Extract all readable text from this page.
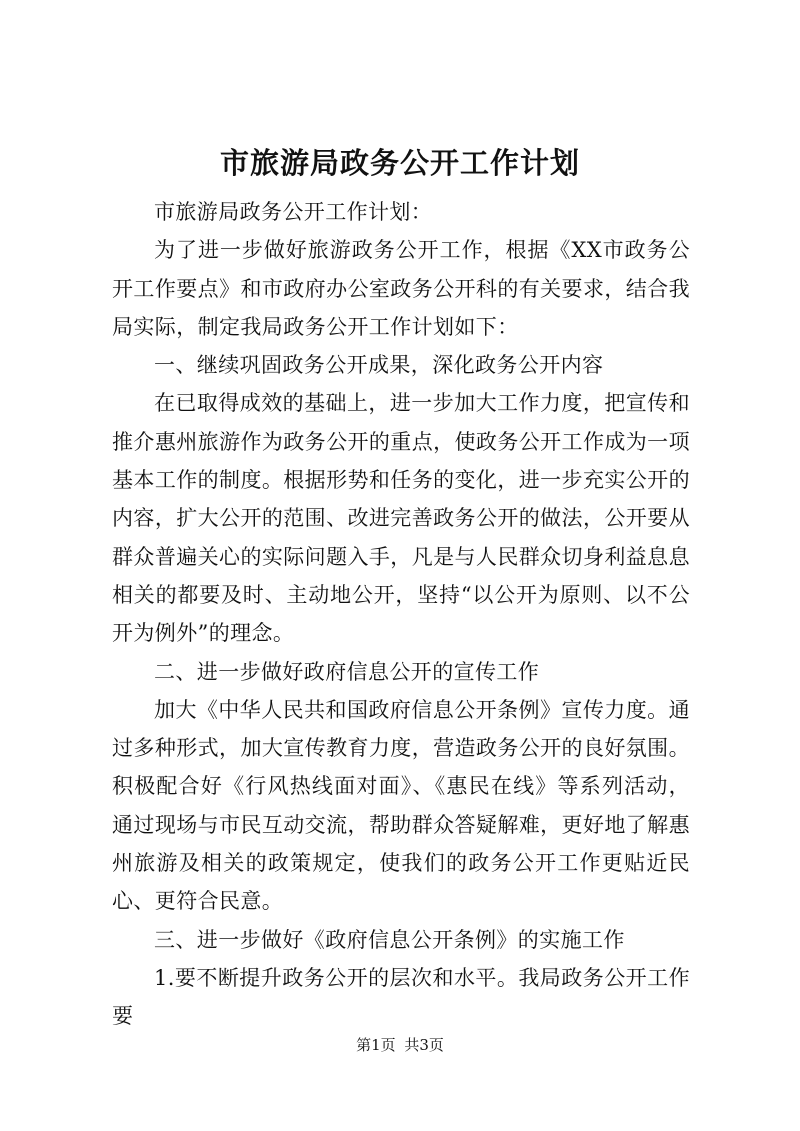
市旅游局政务公开工作计划

市旅游局政务公开工作计划：

为了进一步做好旅游政务公开工作，根据《XX市政务公开工作要点》和市政府办公室政务公开科的有关要求，结合我局实际，制定我局政务公开工作计划如下：

一、继续巩固政务公开成果，深化政务公开内容

在已取得成效的基础上，进一步加大工作力度，把宣传和推介惠州旅游作为政务公开的重点，使政务公开工作成为一项基本工作的制度。根据形势和任务的变化，进一步充实公开的内容，扩大公开的范围、改进完善政务公开的做法，公开要从群众普遍关心的实际问题入手，凡是与人民群众切身利益息息相关的都要及时、主动地公开，坚持“以公开为原则、以不公开为例外”的理念。

二、进一步做好政府信息公开的宣传工作

加大《中华人民共和国政府信息公开条例》宣传力度。通过多种形式，加大宣传教育力度，营造政务公开的良好氛围。积极配合好《行风热线面对面》、《惠民在线》等系列活动，通过现场与市民互动交流，帮助群众答疑解难，更好地了解惠州旅游及相关的政策规定，使我们的政务公开工作更贴近民心、更符合民意。

三、进一步做好《政府信息公开条例》的实施工作

1.要不断提升政务公开的层次和水平。我局政务公开工作要

第1页 共3页
